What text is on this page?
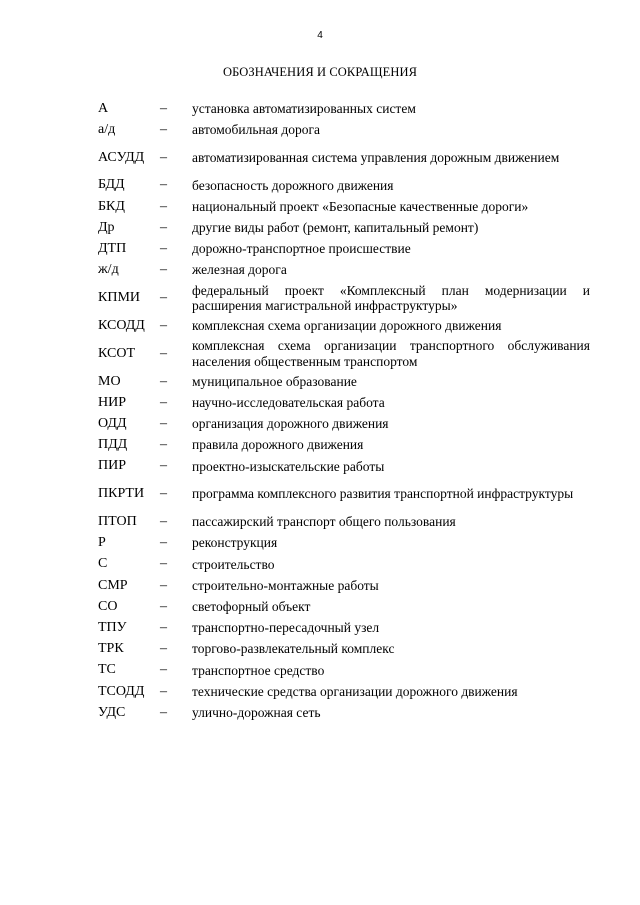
4
ОБОЗНАЧЕНИЯ И СОКРАЩЕНИЯ
А	–	установка автоматизированных систем
а/д	–	автомобильная дорога
АСУДД	–	автоматизированная система управления дорожным движением
БДД	–	безопасность дорожного движения
БКД	–	национальный проект «Безопасные качественные дороги»
Др	–	другие виды работ (ремонт, капитальный ремонт)
ДТП	–	дорожно-транспортное происшествие
ж/д	–	железная дорога
КПМИ	–	федеральный проект «Комплексный план модернизации и расширения магистральной инфраструктуры»
КСОДД	–	комплексная схема организации дорожного движения
КСОТ	–	комплексная схема организации транспортного обслуживания населения общественным транспортом
МО	–	муниципальное образование
НИР	–	научно-исследовательская работа
ОДД	–	организация дорожного движения
ПДД	–	правила дорожного движения
ПИР	–	проектно-изыскательские работы
ПКРТИ	–	программа комплексного развития транспортной инфраструктуры
ПТОП	–	пассажирский транспорт общего пользования
Р	–	реконструкция
С	–	строительство
СМР	–	строительно-монтажные работы
СО	–	светофорный объект
ТПУ	–	транспортно-пересадочный узел
ТРК	–	торгово-развлекательный комплекс
ТС	–	транспортное средство
ТСОДД	–	технические средства организации дорожного движения
УДС	–	улично-дорожная сеть
